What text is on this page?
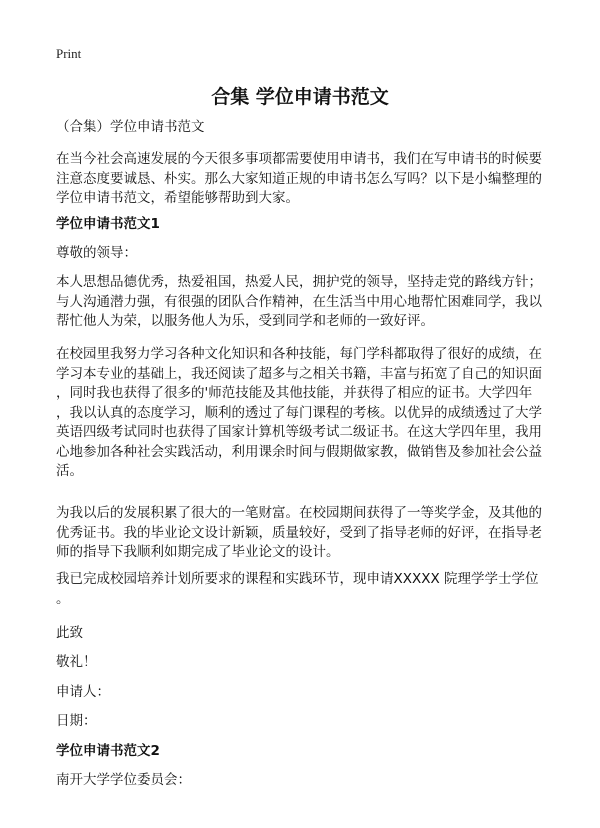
Print
合集 学位申请书范文
（合集）学位申请书范文
在当今社会高速发展的今天很多事项都需要使用申请书，我们在写申请书的时候要
注意态度要诚恳、朴实。那么大家知道正规的申请书怎么写吗？以下是小编整理的
学位申请书范文，希望能够帮助到大家。
学位申请书范文1
尊敬的领导：
本人思想品德优秀，热爱祖国，热爱人民，拥护党的领导，坚持走党的路线方针；
与人沟通潜力强，有很强的团队合作精神，在生活当中用心地帮忙困难同学，我以
帮忙他人为荣，以服务他人为乐，受到同学和老师的一致好评。
在校园里我努力学习各种文化知识和各种技能，每门学科都取得了很好的成绩，在
学习本专业的基础上，我还阅读了超多与之相关书籍，丰富与拓宽了自己的知识面
，同时我也获得了很多的'师范技能及其他技能，并获得了相应的证书。大学四年
，我以认真的态度学习，顺利的透过了每门课程的考核。以优异的成绩透过了大学
英语四级考试同时也获得了国家计算机等级考试二级证书。在这大学四年里，我用
心地参加各种社会实践活动，利用课余时间与假期做家教，做销售及参加社会公益
活。
为我以后的发展积累了很大的一笔财富。在校园期间获得了一等奖学金，及其他的
优秀证书。我的毕业论文设计新颖，质量较好，受到了指导老师的好评，在指导老
师的指导下我顺利如期完成了毕业论文的设计。
我已完成校园培养计划所要求的课程和实践环节，现申请XXXXX 院理学学士学位
。
此致
敬礼！
申请人：
日期：
学位申请书范文2
南开大学学位委员会：
